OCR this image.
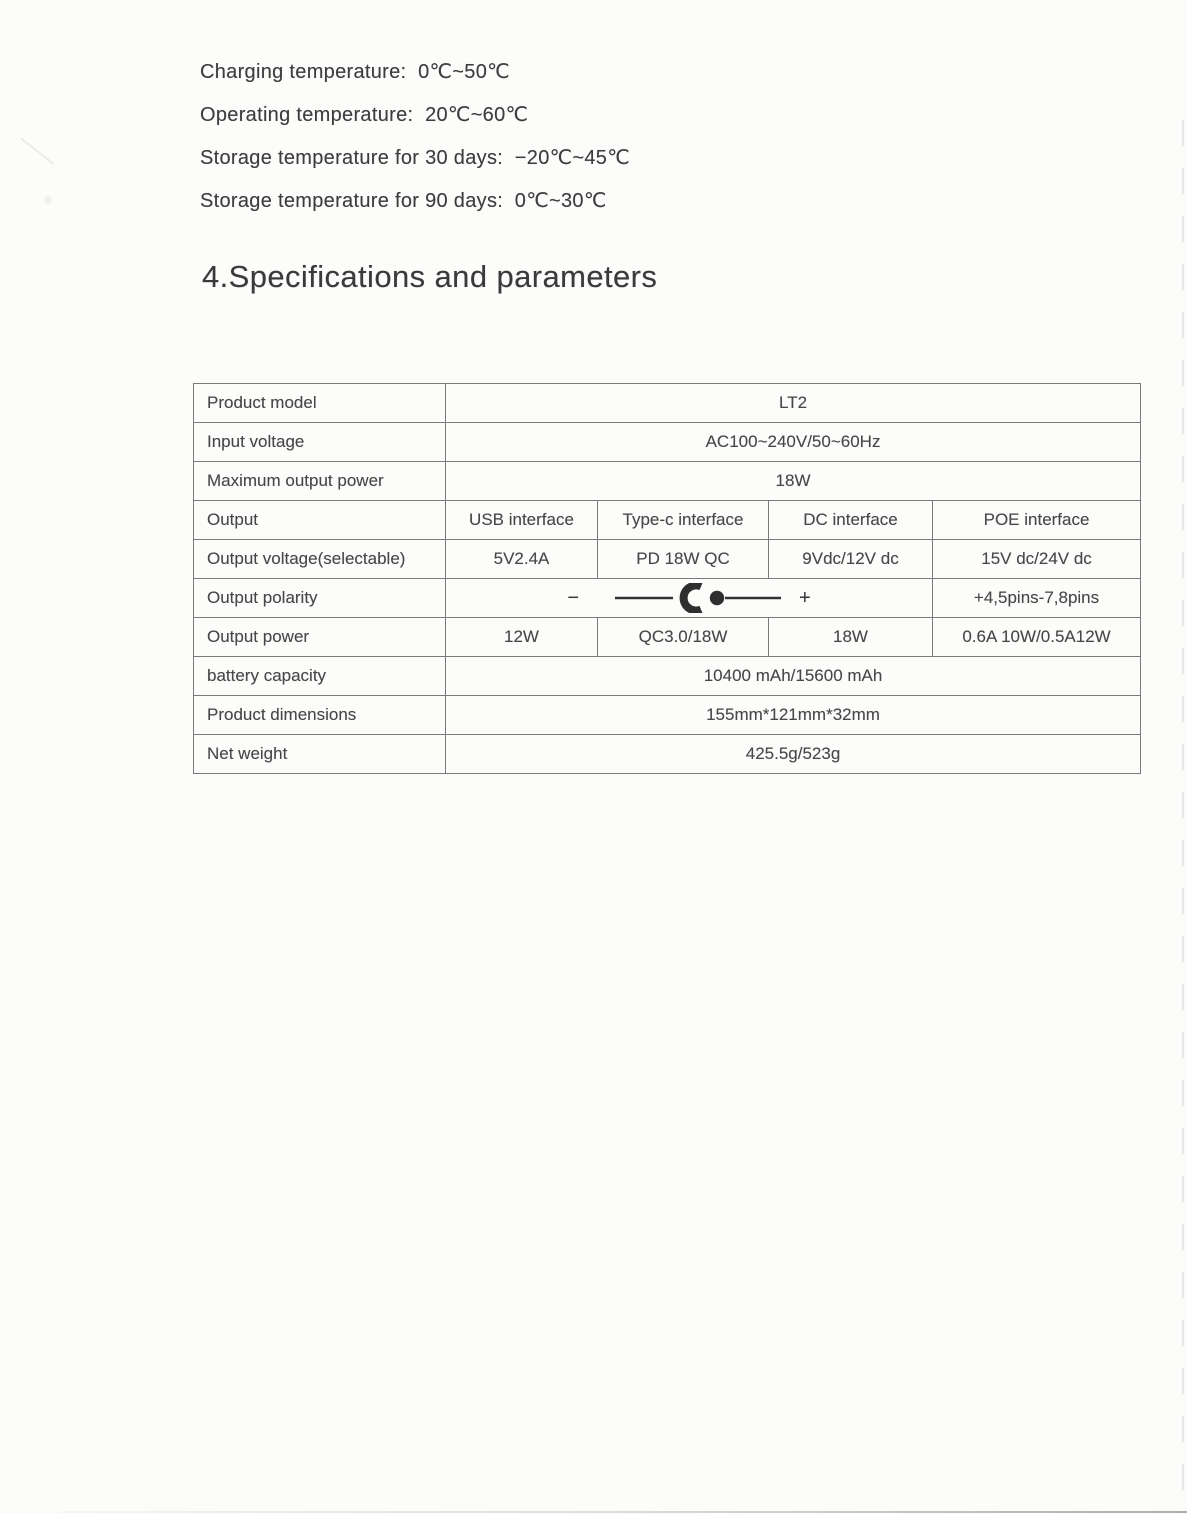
Charging temperature:  0℃~50℃

Operating temperature:  20℃~60℃

Storage temperature for 30 days:  −20℃~45℃

Storage temperature for 90 days:  0℃~30℃

4.Specifications and parameters
Product model	LT2			
Input voltage	AC100~240V/50~60Hz			
Maximum output power	18W			
Output	USB interface	Type-c interface	DC interface	POE interface
Output voltage(selectable)	5V2.4A	PD 18W QC	9Vdc/12V dc	15V dc/24V dc
Output polarity	− +			+4,5pins-7,8pins
Output power	12W	QC3.0/18W	18W	0.6A 10W/0.5A12W
battery capacity	10400 mAh/15600 mAh			
Product dimensions	155mm*121mm*32mm			
Net weight	425.5g/523g			
